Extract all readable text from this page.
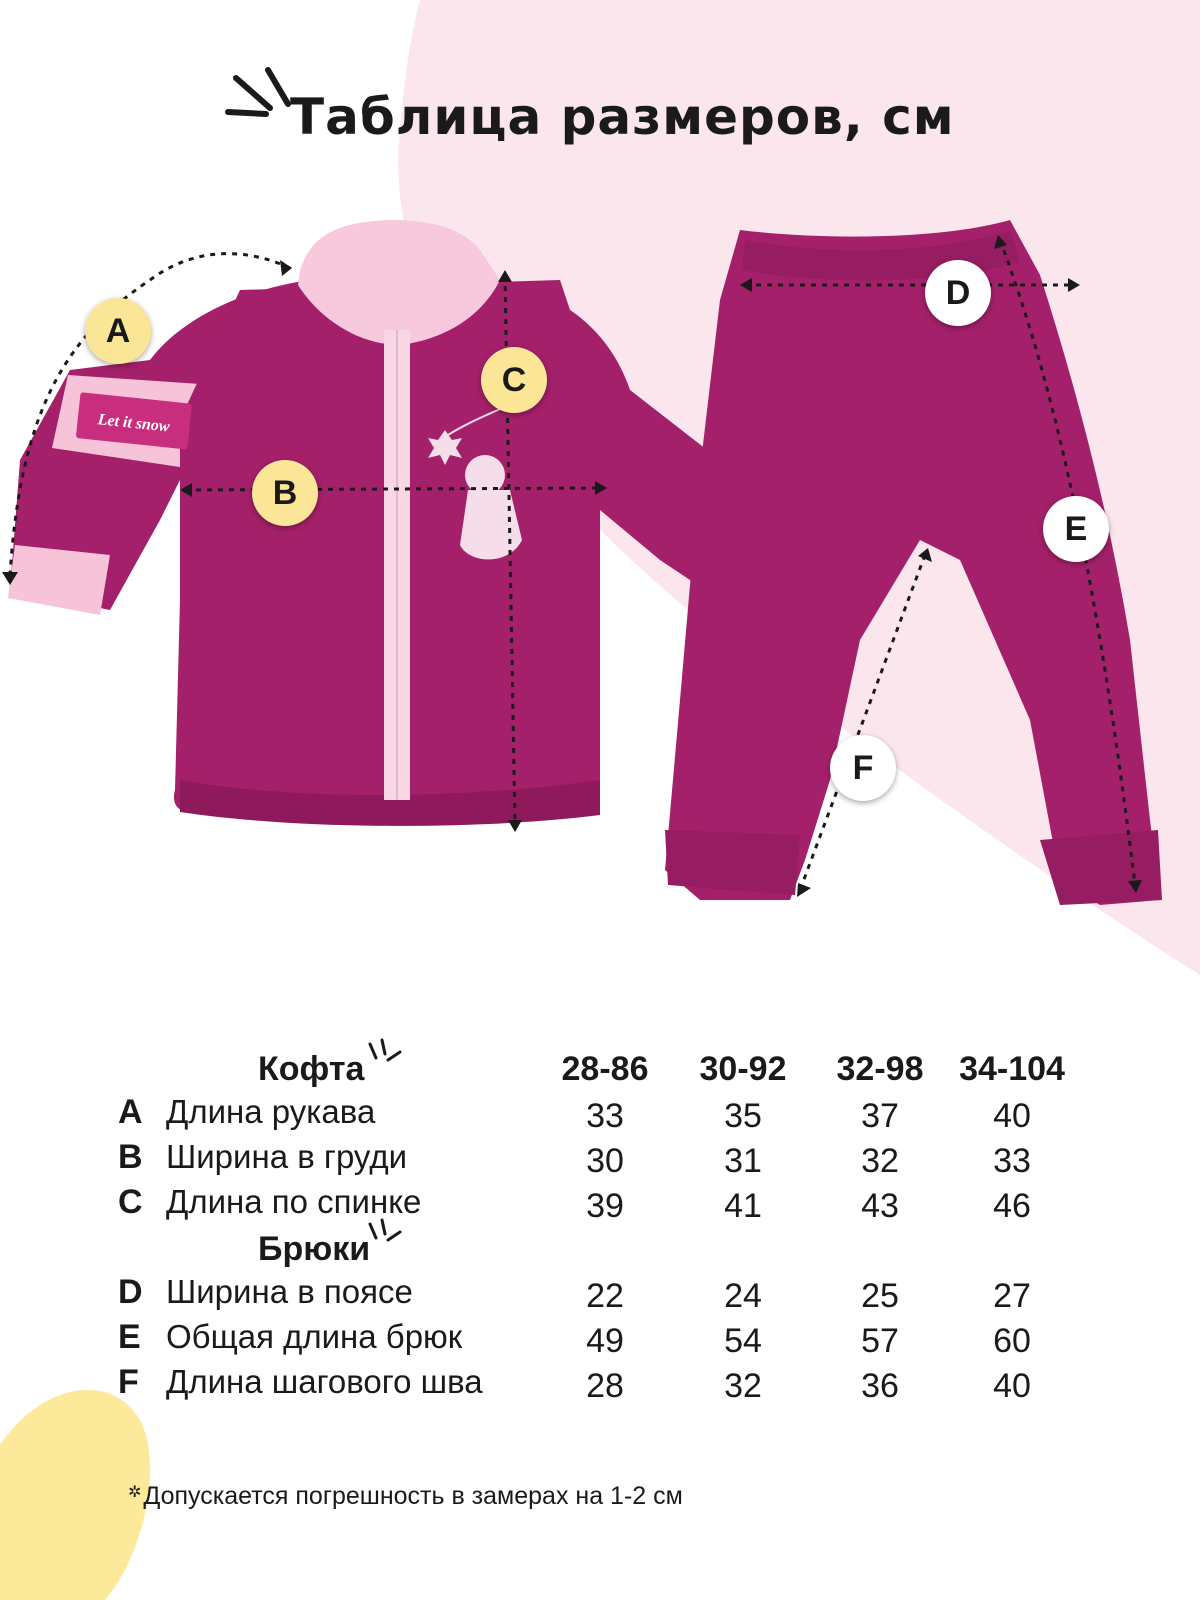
Let it snow
Таблица размеров, см
A
B
C
D
E
F
Кофта	28-86	30-92	32-98	34-104
A Длина рукава	33	35	37	40
B Ширина в груди	30	31	32	33
C Длина по спинке	39	41	43	46
Брюки
D Ширина в поясе	22	24	25	27
E Общая длина брюк	49	54	57	60
F Длина шагового шва	28	32	36	40
✲Допускается погрешность в замерах на 1-2 см
